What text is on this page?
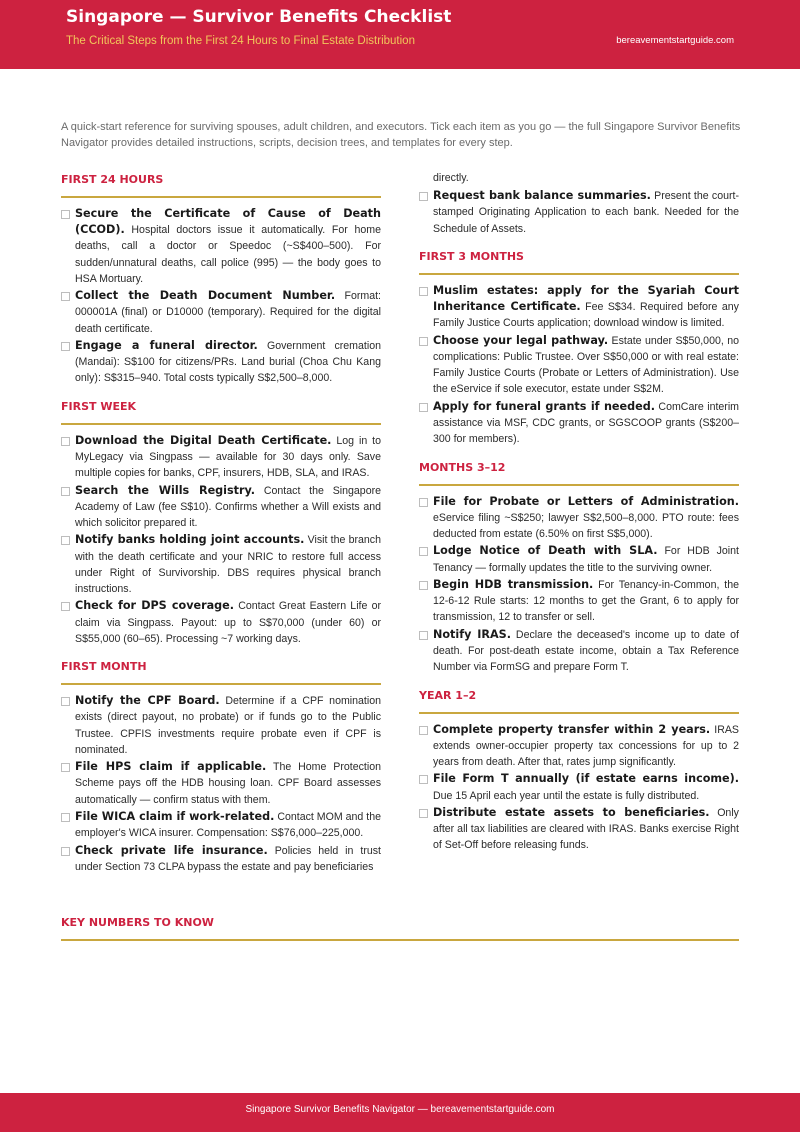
Singapore — Survivor Benefits Checklist
The Critical Steps from the First 24 Hours to Final Estate Distribution	bereavementstartguide.com

A quick-start reference for surviving spouses, adult children, and executors. Tick each item as you go — the full Singapore Survivor Benefits Navigator provides detailed instructions, scripts, decision trees, and templates for every step.

FIRST 24 HOURS
Secure the Certificate of Cause of Death (CCOD). Hospital doctors issue it automatically. For home deaths, call a doctor or Speedoc (~S$400–500). For sudden/unnatural deaths, call police (995) — the body goes to HSA Mortuary.
Collect the Death Document Number. Format: 000001A (final) or D10000 (temporary). Required for the digital death certificate.
Engage a funeral director. Government cremation (Mandai): S$100 for citizens/PRs. Land burial (Choa Chu Kang only): S$315–940. Total costs typically S$2,500–8,000.
FIRST WEEK
Download the Digital Death Certificate. Log in to MyLegacy via Singpass — available for 30 days only. Save multiple copies for banks, CPF, insurers, HDB, SLA, and IRAS.
Search the Wills Registry. Contact the Singapore Academy of Law (fee S$10). Confirms whether a Will exists and which solicitor prepared it.
Notify banks holding joint accounts. Visit the branch with the death certificate and your NRIC to restore full access under Right of Survivorship. DBS requires physical branch instructions.
Check for DPS coverage. Contact Great Eastern Life or claim via Singpass. Payout: up to S$70,000 (under 60) or S$55,000 (60–65). Processing ~7 working days.
FIRST MONTH
Notify the CPF Board. Determine if a CPF nomination exists (direct payout, no probate) or if funds go to the Public Trustee. CPFIS investments require probate even if CPF is nominated.
File HPS claim if applicable. The Home Protection Scheme pays off the HDB housing loan. CPF Board assesses automatically — confirm status with them.
File WICA claim if work-related. Contact MOM and the employer's WICA insurer. Compensation: S$76,000–225,000.
Check private life insurance. Policies held in trust under Section 73 CLPA bypass the estate and pay beneficiaries
directly.
Request bank balance summaries. Present the court-stamped Originating Application to each bank. Needed for the Schedule of Assets.
FIRST 3 MONTHS
Muslim estates: apply for the Syariah Court Inheritance Certificate. Fee S$34. Required before any Family Justice Courts application; download window is limited.
Choose your legal pathway. Estate under S$50,000, no complications: Public Trustee. Over S$50,000 or with real estate: Family Justice Courts (Probate or Letters of Administration). Use the eService if sole executor, estate under S$2M.
Apply for funeral grants if needed. ComCare interim assistance via MSF, CDC grants, or SGSCOOP grants (S$200–300 for members).
MONTHS 3–12
File for Probate or Letters of Administration. eService filing ~S$250; lawyer S$2,500–8,000. PTO route: fees deducted from estate (6.50% on first S$5,000).
Lodge Notice of Death with SLA. For HDB Joint Tenancy — formally updates the title to the surviving owner.
Begin HDB transmission. For Tenancy-in-Common, the 12-6-12 Rule starts: 12 months to get the Grant, 6 to apply for transmission, 12 to transfer or sell.
Notify IRAS. Declare the deceased's income up to date of death. For post-death estate income, obtain a Tax Reference Number via FormSG and prepare Form T.
YEAR 1–2
Complete property transfer within 2 years. IRAS extends owner-occupier property tax concessions for up to 2 years from death. After that, rates jump significantly.
File Form T annually (if estate earns income). Due 15 April each year until the estate is fully distributed.
Distribute estate assets to beneficiaries. Only after all tax liabilities are cleared with IRAS. Banks exercise Right of Set-Off before releasing funds.
KEY NUMBERS TO KNOW
Singapore Survivor Benefits Navigator — bereavementstartguide.com
